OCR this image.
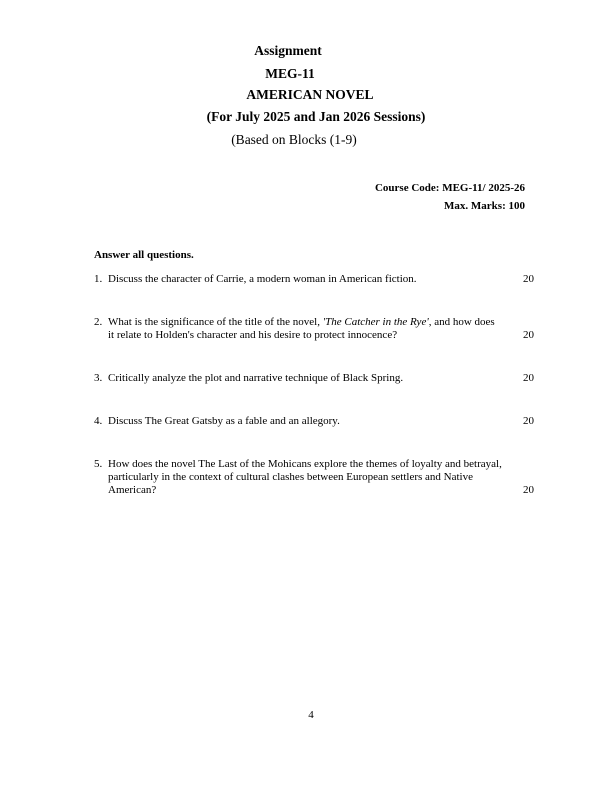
Assignment
MEG-11
AMERICAN NOVEL
(For July 2025 and Jan 2026 Sessions)
(Based on Blocks (1-9)
Course Code: MEG-11/ 2025-26
Max. Marks: 100
Answer all questions.
1. Discuss the character of Carrie, a modern woman in American fiction.	20
2. What is the significance of the title of the novel, 'The Catcher in the Rye', and how does
it relate to Holden's character and his desire to protect innocence?	20
3. Critically analyze the plot and narrative technique of Black Spring.	20
4. Discuss The Great Gatsby as a fable and an allegory.	20
5. How does the novel The Last of the Mohicans explore the themes of loyalty and betrayal,
particularly in the context of cultural clashes between European settlers and Native
American?	20
4
